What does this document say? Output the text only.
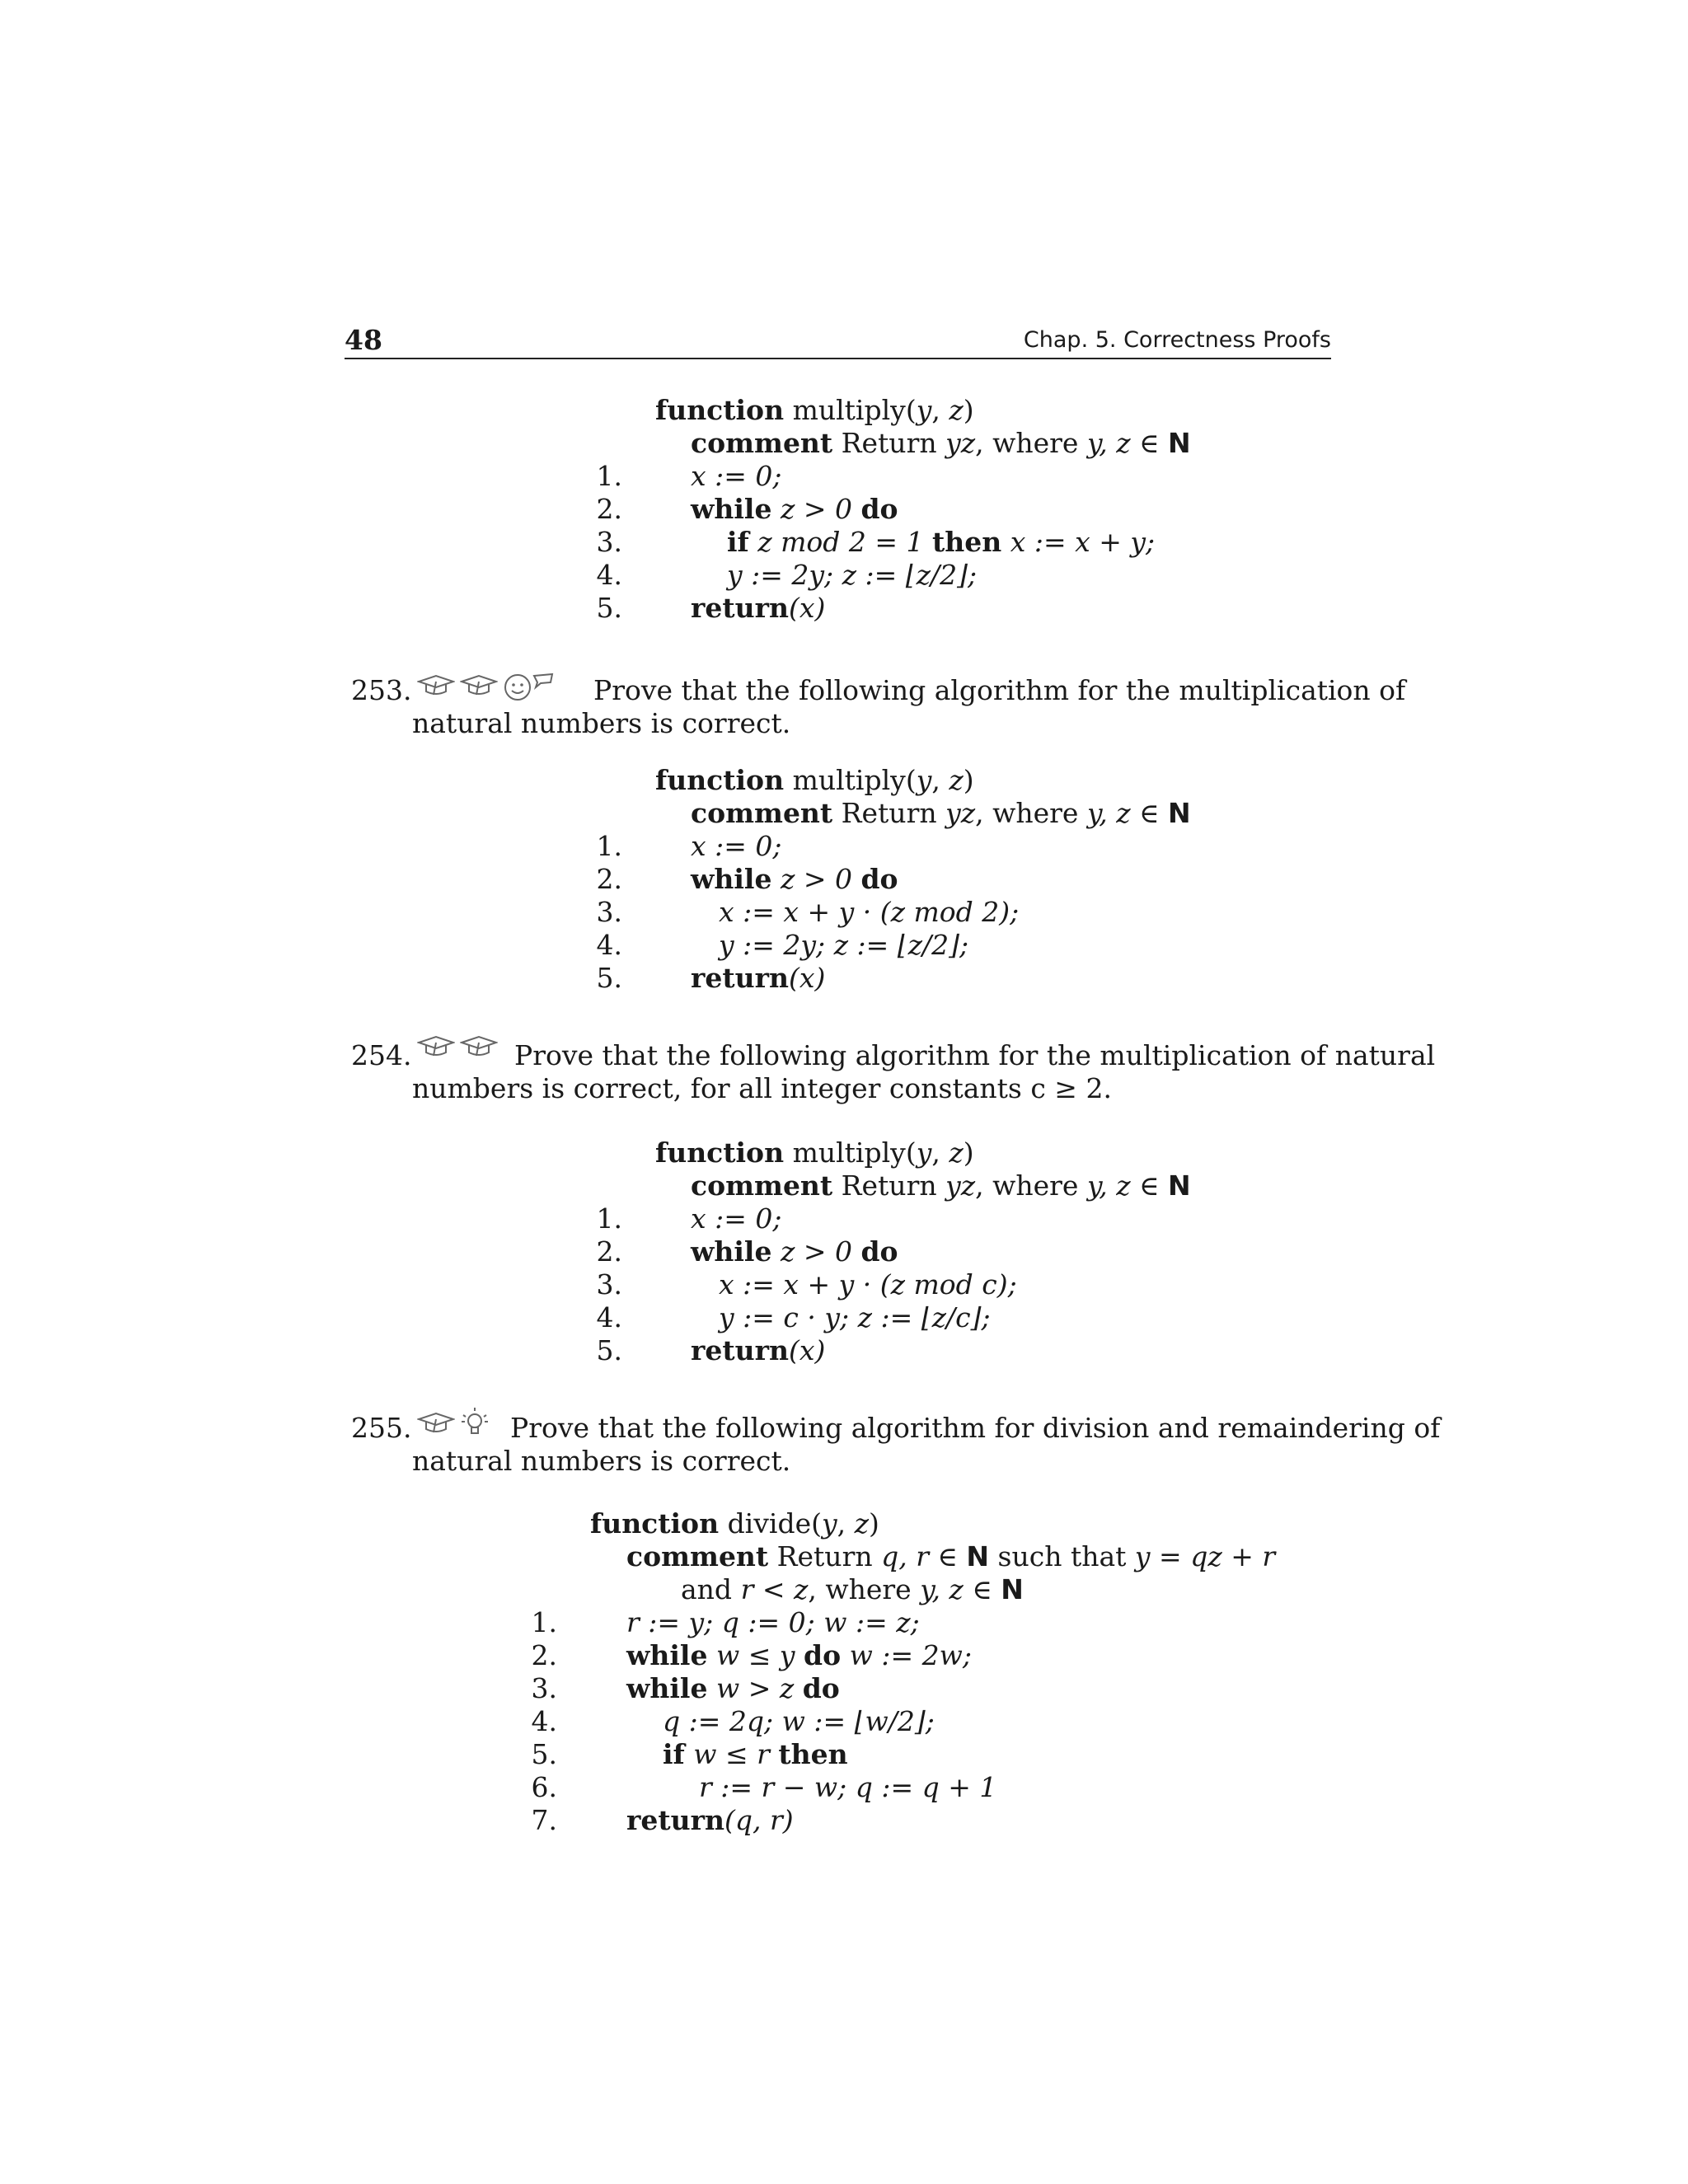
48	Chap. 5. Correctness Proofs
function multiply(y, z)
comment Return yz, where y, z ∈ N
1.	x := 0;
2.	while z > 0 do
3.	if z mod 2 = 1 then x := x + y;
4.	y := 2y; z := ⌊z/2⌋;
5.	return(x)
253.	Prove that the following algorithm for the multiplication of
natural numbers is correct.
function multiply(y, z)
comment Return yz, where y, z ∈ N
1.	x := 0;
2.	while z > 0 do
3.	x := x + y · (z mod 2);
4.	y := 2y; z := ⌊z/2⌋;
5.	return(x)
254.	Prove that the following algorithm for the multiplication of natural
numbers is correct, for all integer constants c ≥ 2.
function multiply(y, z)
comment Return yz, where y, z ∈ N
1.	x := 0;
2.	while z > 0 do
3.	x := x + y · (z mod c);
4.	y := c · y; z := ⌊z/c⌋;
5.	return(x)
255.	Prove that the following algorithm for division and remaindering of
natural numbers is correct.
function divide(y, z)
comment Return q, r ∈ N such that y = qz + r
and r < z, where y, z ∈ N
1.	r := y; q := 0; w := z;
2.	while w ≤ y do w := 2w;
3.	while w > z do
4.	q := 2q; w := ⌊w/2⌋;
5.	if w ≤ r then
6.	r := r − w; q := q + 1
7.	return(q, r)
